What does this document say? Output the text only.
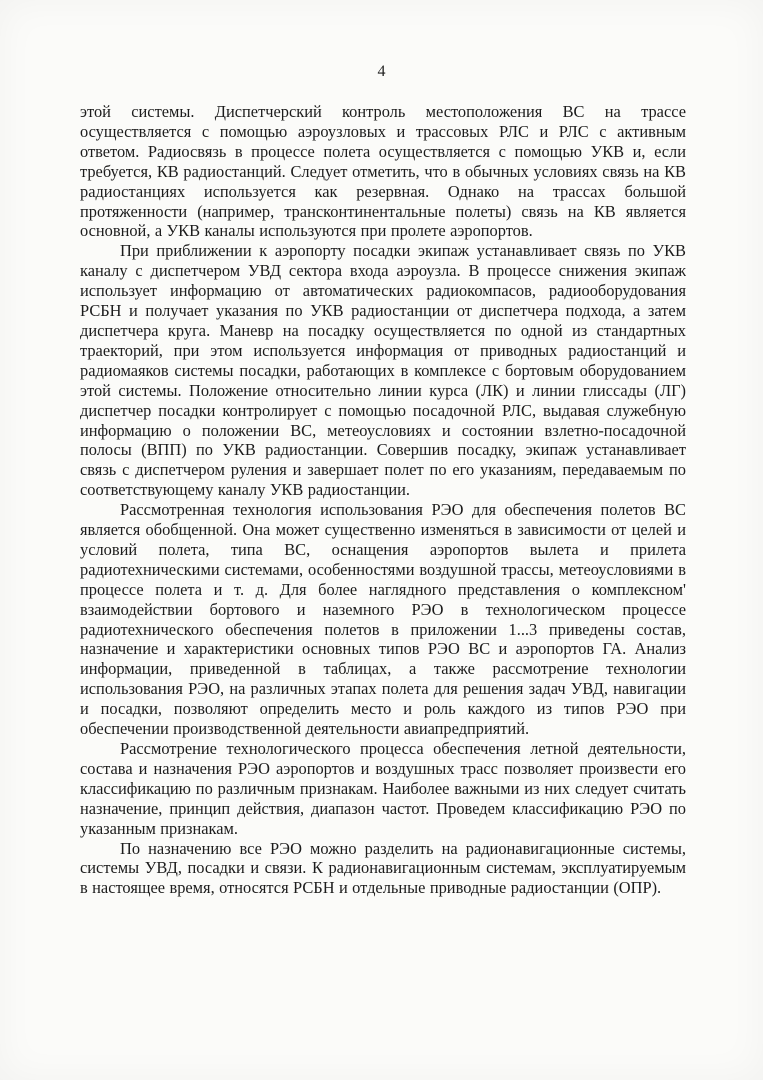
4

этой системы. Диспетчерский контроль местоположения ВС на трассе осуществляется с помощью аэроузловых и трассовых РЛС и РЛС с активным ответом. Радиосвязь в процессе полета осуществляется с помощью УКВ и, если требуется, КВ радиостанций. Следует отметить, что в обычных условиях связь на КВ радиостанциях используется как резервная. Однако на трассах большой протяженности (например, трансконтинентальные полеты) связь на КВ является основной, а УКВ каналы используются при пролете аэропортов.

При приближении к аэропорту посадки экипаж устанавливает связь по УКВ каналу с диспетчером УВД сектора входа аэроузла. В процессе снижения экипаж использует информацию от автоматических радиокомпасов, радиооборудования РСБН и получает указания по УКВ радиостанции от диспетчера подхода, а затем диспетчера круга. Маневр на посадку осуществляется по одной из стандартных траекторий, при этом используется информация от приводных радиостанций и радиомаяков системы посадки, работающих в комплексе с бортовым оборудованием этой системы. Положение относительно линии курса (ЛК) и линии глиссады (ЛГ) диспетчер посадки контролирует с помощью посадочной РЛС, выдавая служебную информацию о положении ВС, метеоусловиях и состоянии взлетно-посадочной полосы (ВПП) по УКВ радиостанции. Совершив посадку, экипаж устанавливает связь с диспетчером руления и завершает полет по его указаниям, передаваемым по соответствующему каналу УКВ радиостанции.

Рассмотренная технология использования РЭО для обеспечения полетов ВС является обобщенной. Она может существенно изменяться в зависимости от целей и условий полета, типа ВС, оснащения аэропортов вылета и прилета радиотехническими системами, особенностями воздушной трассы, метеоусловиями в процессе полета и т. д. Для более наглядного представления о комплексном' взаимодействии бортового и наземного РЭО в технологическом процессе радиотехнического обеспечения полетов в приложении 1...3 приведены состав, назначение и характеристики основных типов РЭО ВС и аэропортов ГА. Анализ информации, приведенной в таблицах, а также рассмотрение технологии использования РЭО, на различных этапах полета для решения задач УВД, навигации и посадки, позволяют определить место и роль каждого из типов РЭО при обеспечении производственной деятельности авиапредприятий.

Рассмотрение технологического процесса обеспечения летной деятельности, состава и назначения РЭО аэропортов и воздушных трасс позволяет произвести его классификацию по различным признакам. Наиболее важными из них следует считать назначение, принцип действия, диапазон частот. Проведем классификацию РЭО по указанным признакам.

По назначению все РЭО можно разделить на радионавигационные системы, системы УВД, посадки и связи. К радионавигационным системам, эксплуатируемым в настоящее время, относятся РСБН и отдельные приводные радиостанции (ОПР).
